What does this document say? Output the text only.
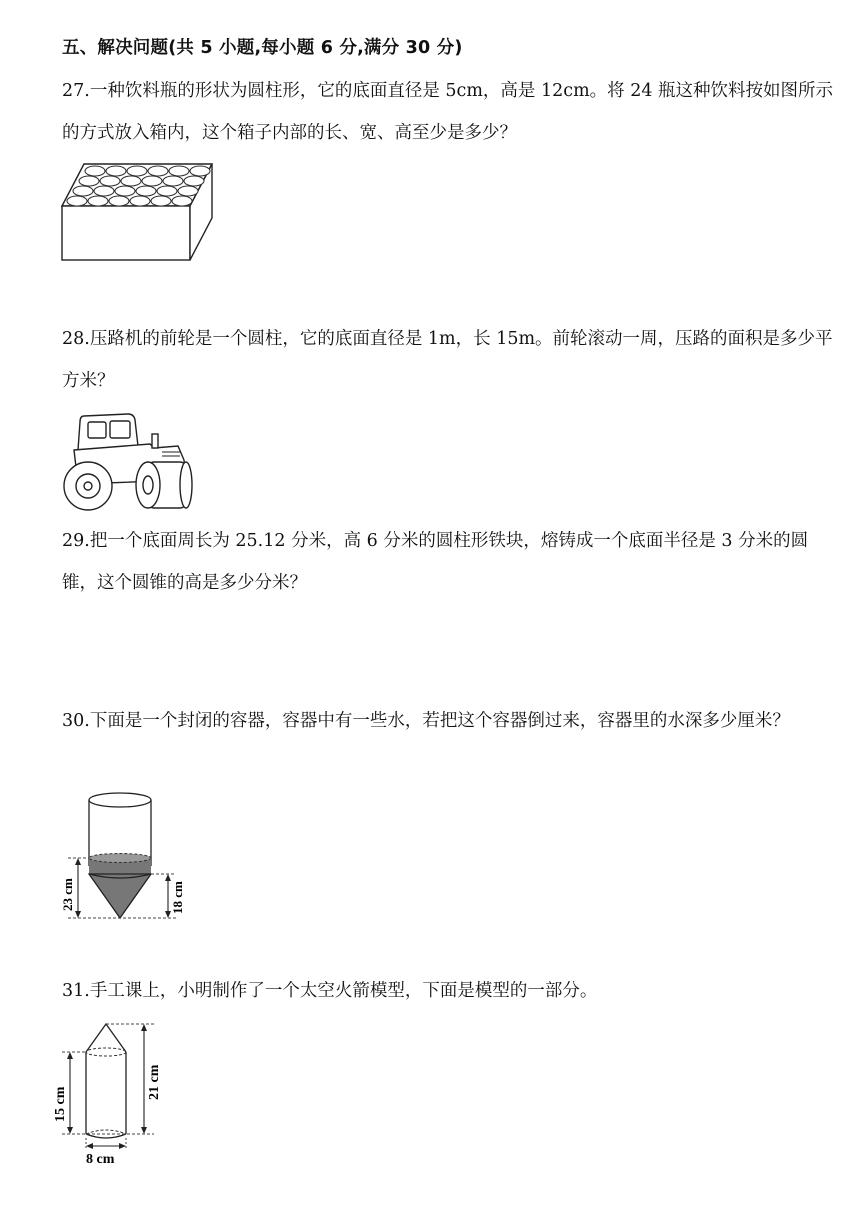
五、解决问题(共 5 小题,每小题 6 分,满分 30 分)
27.一种饮料瓶的形状为圆柱形，它的底面直径是 5cm，高是 12cm。将 24 瓶这种饮料按如图所示的方式放入箱内，这个箱子内部的长、宽、高至少是多少？
28.压路机的前轮是一个圆柱，它的底面直径是 1m，长 15m。前轮滚动一周，压路的面积是多少平方米？
29.把一个底面周长为 25.12 分米，高 6 分米的圆柱形铁块，熔铸成一个底面半径是 3 分米的圆锥，这个圆锥的高是多少分米？
30.下面是一个封闭的容器，容器中有一些水，若把这个容器倒过来，容器里的水深多少厘米？
23 cm	18 cm
31.手工课上，小明制作了一个太空火箭模型，下面是模型的一部分。
15 cm
21 cm
8 cm
